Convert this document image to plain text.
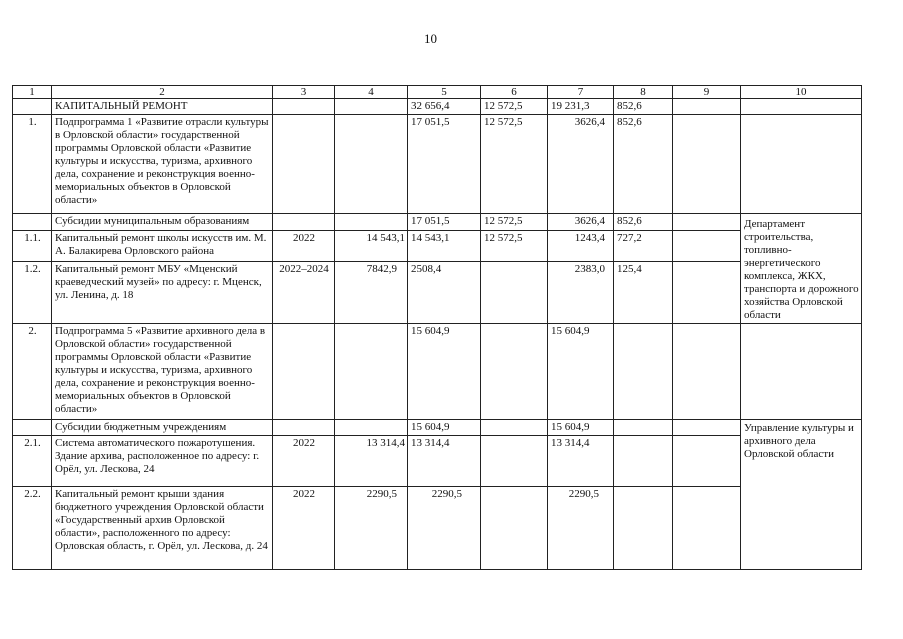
10
1	2	3	4	5	6	7	8	9	10
	КАПИТАЛЬНЫЙ РЕМОНТ			32 656,4	12 572,5	19 231,3	852,6		
1.	Подпрограмма 1 «Развитие отрасли культуры в Орловской области» государственной программы Орловской области «Развитие культуры и искусства, туризма, архивного дела, сохранение и реконструкция военно-мемориальных объектов в Орловской области»			17 051,5	12 572,5	3626,4	852,6		
	Субсидии муниципальным образованиям			17 051,5	12 572,5	3626,4	852,6		Департамент строительства, топливно-энергетического комплекса, ЖКХ, транспорта и дорожного хозяйства Орловской области
1.1.	Капитальный ремонт школы искусств им. М. А. Балакирева Орловского района	2022	14 543,1	14 543,1	12 572,5	1243,4	727,2		
1.2.	Капитальный ремонт МБУ «Мценский краеведческий музей» по адресу: г. Мценск, ул. Ленина, д. 18	2022–2024	7842,9	2508,4		2383,0	125,4		
2.	Подпрограмма 5 «Развитие архивного дела в Орловской области» государственной программы Орловской области «Развитие культуры и искусства, туризма, архивного дела, сохранение и реконструкция военно-мемориальных объектов в Орловской области»			15 604,9		15 604,9			
	Субсидии бюджетным учреждениям			15 604,9		15 604,9			Управление культуры и архивного дела Орловской области
2.1.	Система автоматического пожаротушения. Здание архива, расположенное по адресу: г. Орёл, ул. Лескова, 24	2022	13 314,4	13 314,4		13 314,4			
2.2.	Капитальный ремонт крыши здания бюджетного учреждения Орловской области «Государственный архив Орловской области», расположенного по адресу: Орловская область, г. Орёл, ул. Лескова, д. 24	2022	2290,5	2290,5		2290,5			
